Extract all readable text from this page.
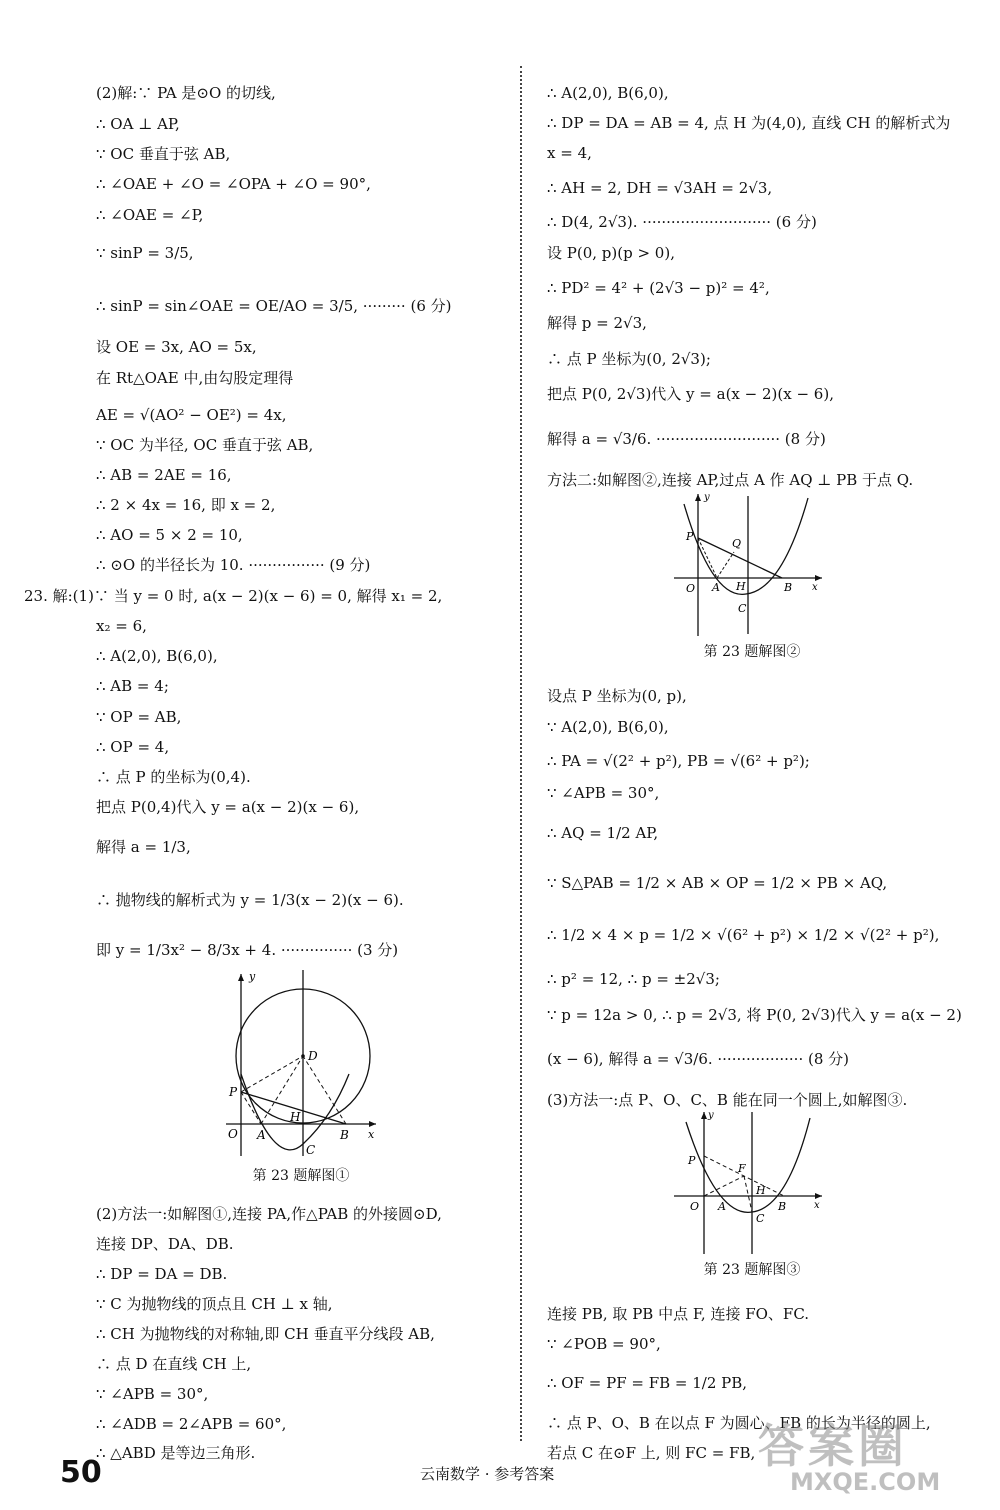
(2)解:∵ PA 是⊙O 的切线,
∴ OA ⊥ AP,
∵ OC 垂直于弦 AB,
∴ ∠OAE + ∠O = ∠OPA + ∠O = 90°,
∴ ∠OAE = ∠P,
∵ sinP = 3/5,
∴ sinP = sin∠OAE = OE/AO = 3/5, ········· (6 分)
设 OE = 3x, AO = 5x,
在 Rt△OAE 中,由勾股定理得
AE = √(AO² − OE²) = 4x,
∵ OC 为半径, OC 垂直于弦 AB,
∴ AB = 2AE = 16,
∴ 2 × 4x = 16, 即 x = 2,
∴ AO = 5 × 2 = 10,
∴ ⊙O 的半径长为 10. ················ (9 分)
23. 解:(1)∵ 当 y = 0 时, a(x − 2)(x − 6) = 0, 解得 x₁ = 2,
x₂ = 6,
∴ A(2,0), B(6,0),
∴ AB = 4;
∵ OP = AB,
∴ OP = 4,
∴ 点 P 的坐标为(0,4).
把点 P(0,4)代入 y = a(x − 2)(x − 6),
解得 a = 1/3,
∴ 抛物线的解析式为 y = 1/3(x − 2)(x − 6).
即 y = 1/3x² − 8/3x + 4. ··············· (3 分)
(2)方法一:如解图①,连接 PA,作△PAB 的外接圆⊙D,
连接 DP、DA、DB.
∴ DP = DA = DB.
∵ C 为抛物线的顶点且 CH ⊥ x 轴,
∴ CH 为抛物线的对称轴,即 CH 垂直平分线段 AB,
∴ 点 D 在直线 CH 上,
∵ ∠APB = 30°,
∴ ∠ADB = 2∠APB = 60°,
∴ △ABD 是等边三角形.
∴ A(2,0), B(6,0),
∴ DP = DA = AB = 4, 点 H 为(4,0), 直线 CH 的解析式为
x = 4,
∴ AH = 2, DH = √3AH = 2√3,
∴ D(4, 2√3). ··························· (6 分)
设 P(0, p)(p > 0),
∴ PD² = 4² + (2√3 − p)² = 4²,
解得 p = 2√3,
∴ 点 P 坐标为(0, 2√3);
把点 P(0, 2√3)代入 y = a(x − 2)(x − 6),
解得 a = √3/6. ·························· (8 分)
方法二:如解图②,连接 AP,过点 A 作 AQ ⊥ PB 于点 Q.
设点 P 坐标为(0, p),
∵ A(2,0), B(6,0),
∴ PA = √(2² + p²), PB = √(6² + p²);
∵ ∠APB = 30°,
∴ AQ = 1/2 AP,
∵ S△PAB = 1/2 × AB × OP = 1/2 × PB × AQ,
∴ 1/2 × 4 × p = 1/2 × √(6² + p²) × 1/2 × √(2² + p²),
∴ p² = 12, ∴ p = ±2√3;
∵ p = 12a > 0, ∴ p = 2√3, 将 P(0, 2√3)代入 y = a(x − 2)
(x − 6), 解得 a = √3/6. ·················· (8 分)
(3)方法一:点 P、O、C、B 能在同一个圆上,如解图③.
连接 PB, 取 PB 中点 F, 连接 FO、FC.
∵ ∠POB = 90°,
∴ OF = PF = FB = 1/2 PB,
∴ 点 P、O、B 在以点 F 为圆心、FB 的长为半径的圆上,
若点 C 在⊙F 上, 则 FC = FB,
y
x
O A
H
B
C
D
P
第 23 题解图①
y
x
O A H	B
C
P
Q
第 23 题解图②
y
x
O A
H
B
C
P
F
第 23 题解图③
50	云南数学 · 参考答案
答案圈
MXQE.COM
